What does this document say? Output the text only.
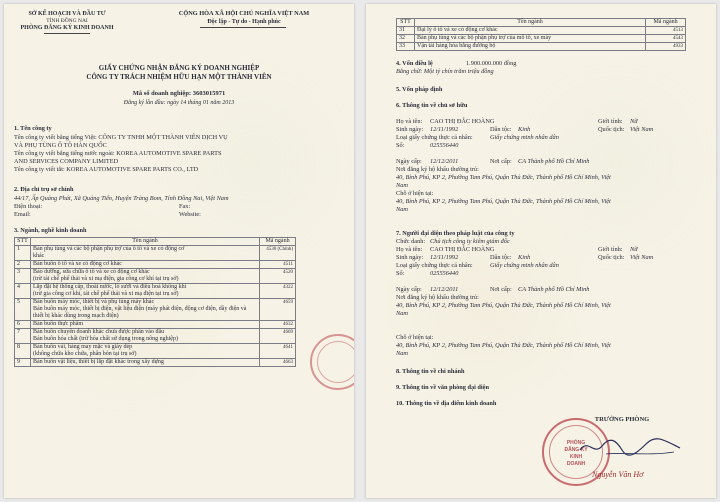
SỞ KẾ HOẠCH VÀ ĐẦU TƯ
TỈNH ĐỒNG NAI
PHÒNG ĐĂNG KÝ KINH DOANH
CỘNG HÒA XÃ HỘI CHỦ NGHĨA VIỆT NAM
Độc lập - Tự do - Hạnh phúc
GIẤY CHỨNG NHẬN ĐĂNG KÝ DOANH NGHIỆP
CÔNG TY TRÁCH NHIỆM HỮU HẠN MỘT THÀNH VIÊN
Mã số doanh nghiệp: 3603015971
Đăng ký lần đầu: ngày 14 tháng 01 năm 2013
1. Tên công ty
Tên công ty viết bằng tiếng Việt: CÔNG TY TNHH MỘT THÀNH VIÊN DỊCH VỤ
VÀ PHỤ TÙNG Ô TÔ HÀN QUỐC
Tên công ty viết bằng tiếng nước ngoài: KOREA AUTOMOTIVE SPARE PARTS
AND SERVICES COMPANY LIMITED
Tên công ty viết tắt: KOREA AUTOMOTIVE SPARE PARTS CO., LTD
2. Địa chỉ trụ sở chính
44/17, Ấp Quảng Phát, Xã Quảng Tiến, Huyện Trảng Bom, Tỉnh Đồng Nai, Việt Nam
Điện thoại:	Fax:
Email:	Website:
3. Ngành, nghề kinh doanh
STT	Tên ngành	Mã ngành
1	Bán phụ tùng và các bộ phận phụ trợ của ô tô và xe có động cơ
khác	4530 (Chính)
2	Bán buôn ô tô và xe có động cơ khác	4511
3	Bảo dưỡng, sửa chữa ô tô và xe có động cơ khác
(trừ tái chế phế thải và xi mạ điện, gia công cơ khí tại trụ sở)	4520
4	Lắp đặt hệ thống cấp, thoát nước, lò sưởi và điều hoà không khí
(trừ gia công cơ khí, tái chế phế thải và xi mạ điện tại trụ sở)	4322
5	Bán buôn máy móc, thiết bị và phụ tùng máy khác
Bán buôn máy móc, thiết bị điện, vật liệu điện (máy phát điện, động cơ điện, dây điện và thiết bị khác dùng trong mạch điện)	4659
6	Bán buôn thực phẩm	4632
7	Bán buôn chuyên doanh khác chưa được phân vào đâu
Bán buôn hóa chất (trừ hóa chất sử dụng trong nông nghiệp)	4669
8	Bán buôn vải, hàng may mặc và giày dép
(không chứa kho chứa, phân bón tại trụ sở)	4641
9	Bán buôn vật liệu, thiết bị lắp đặt khác trong xây dựng	4663
STT	Tên ngành	Mã ngành
31	Đại lý ô tô và xe có động cơ khác	4513
32	Bán phụ tùng và các bộ phận phụ trợ của mô tô, xe máy	4543
33	Vận tải hàng hóa bằng đường bộ	4933
4. Vốn điều lệ	1.900.000.000 đồng
Bằng chữ: Một tỷ chín trăm triệu đồng
5. Vốn pháp định
6. Thông tin về chủ sở hữu
Họ và tên: CAO THỊ ĐẮC HOÀNG	Giới tính: Nữ
Sinh ngày: 12/11/1992	Dân tộc: Kinh	Quốc tịch: Việt Nam
Loại giấy chứng thực cá nhân:	Giấy chứng minh nhân dân
Số:	025556440
Ngày cấp: 12/12/2011	Nơi cấp: CA Thành phố Hồ Chí Minh
Nơi đăng ký hộ khẩu thường trú:
40, Bình Phú, KP 2, Phường Tam Phú, Quận Thủ Đức, Thành phố Hồ Chí Minh, Việt
Nam
Chỗ ở hiện tại:
40, Bình Phú, KP 2, Phường Tam Phú, Quận Thủ Đức, Thành phố Hồ Chí Minh, Việt
Nam
7. Người đại diện theo pháp luật của công ty
Chức danh: Chủ tịch công ty kiêm giám đốc
Họ và tên: CAO THỊ ĐẮC HOÀNG	Giới tính: Nữ
Sinh ngày: 12/11/1992	Dân tộc: Kinh	Quốc tịch: Việt Nam
Loại giấy chứng thực cá nhân:	Giấy chứng minh nhân dân
Số:	025556440
Ngày cấp: 12/12/2011	Nơi cấp: CA Thành phố Hồ Chí Minh
Nơi đăng ký hộ khẩu thường trú:
40, Bình Phú, KP 2, Phường Tam Phú, Quận Thủ Đức, Thành phố Hồ Chí Minh, Việt
Nam
Chỗ ở hiện tại:
40, Bình Phú, KP 2, Phường Tam Phú, Quận Thủ Đức, Thành phố Hồ Chí Minh, Việt
Nam
8. Thông tin về chi nhánh
9. Thông tin về văn phòng đại diện
10. Thông tin về địa điểm kinh doanh
TRƯỞNG PHÒNG
PHÒNG
ĐĂNG KÝ
KINH
DOANH
Nguyễn Văn Hơ
